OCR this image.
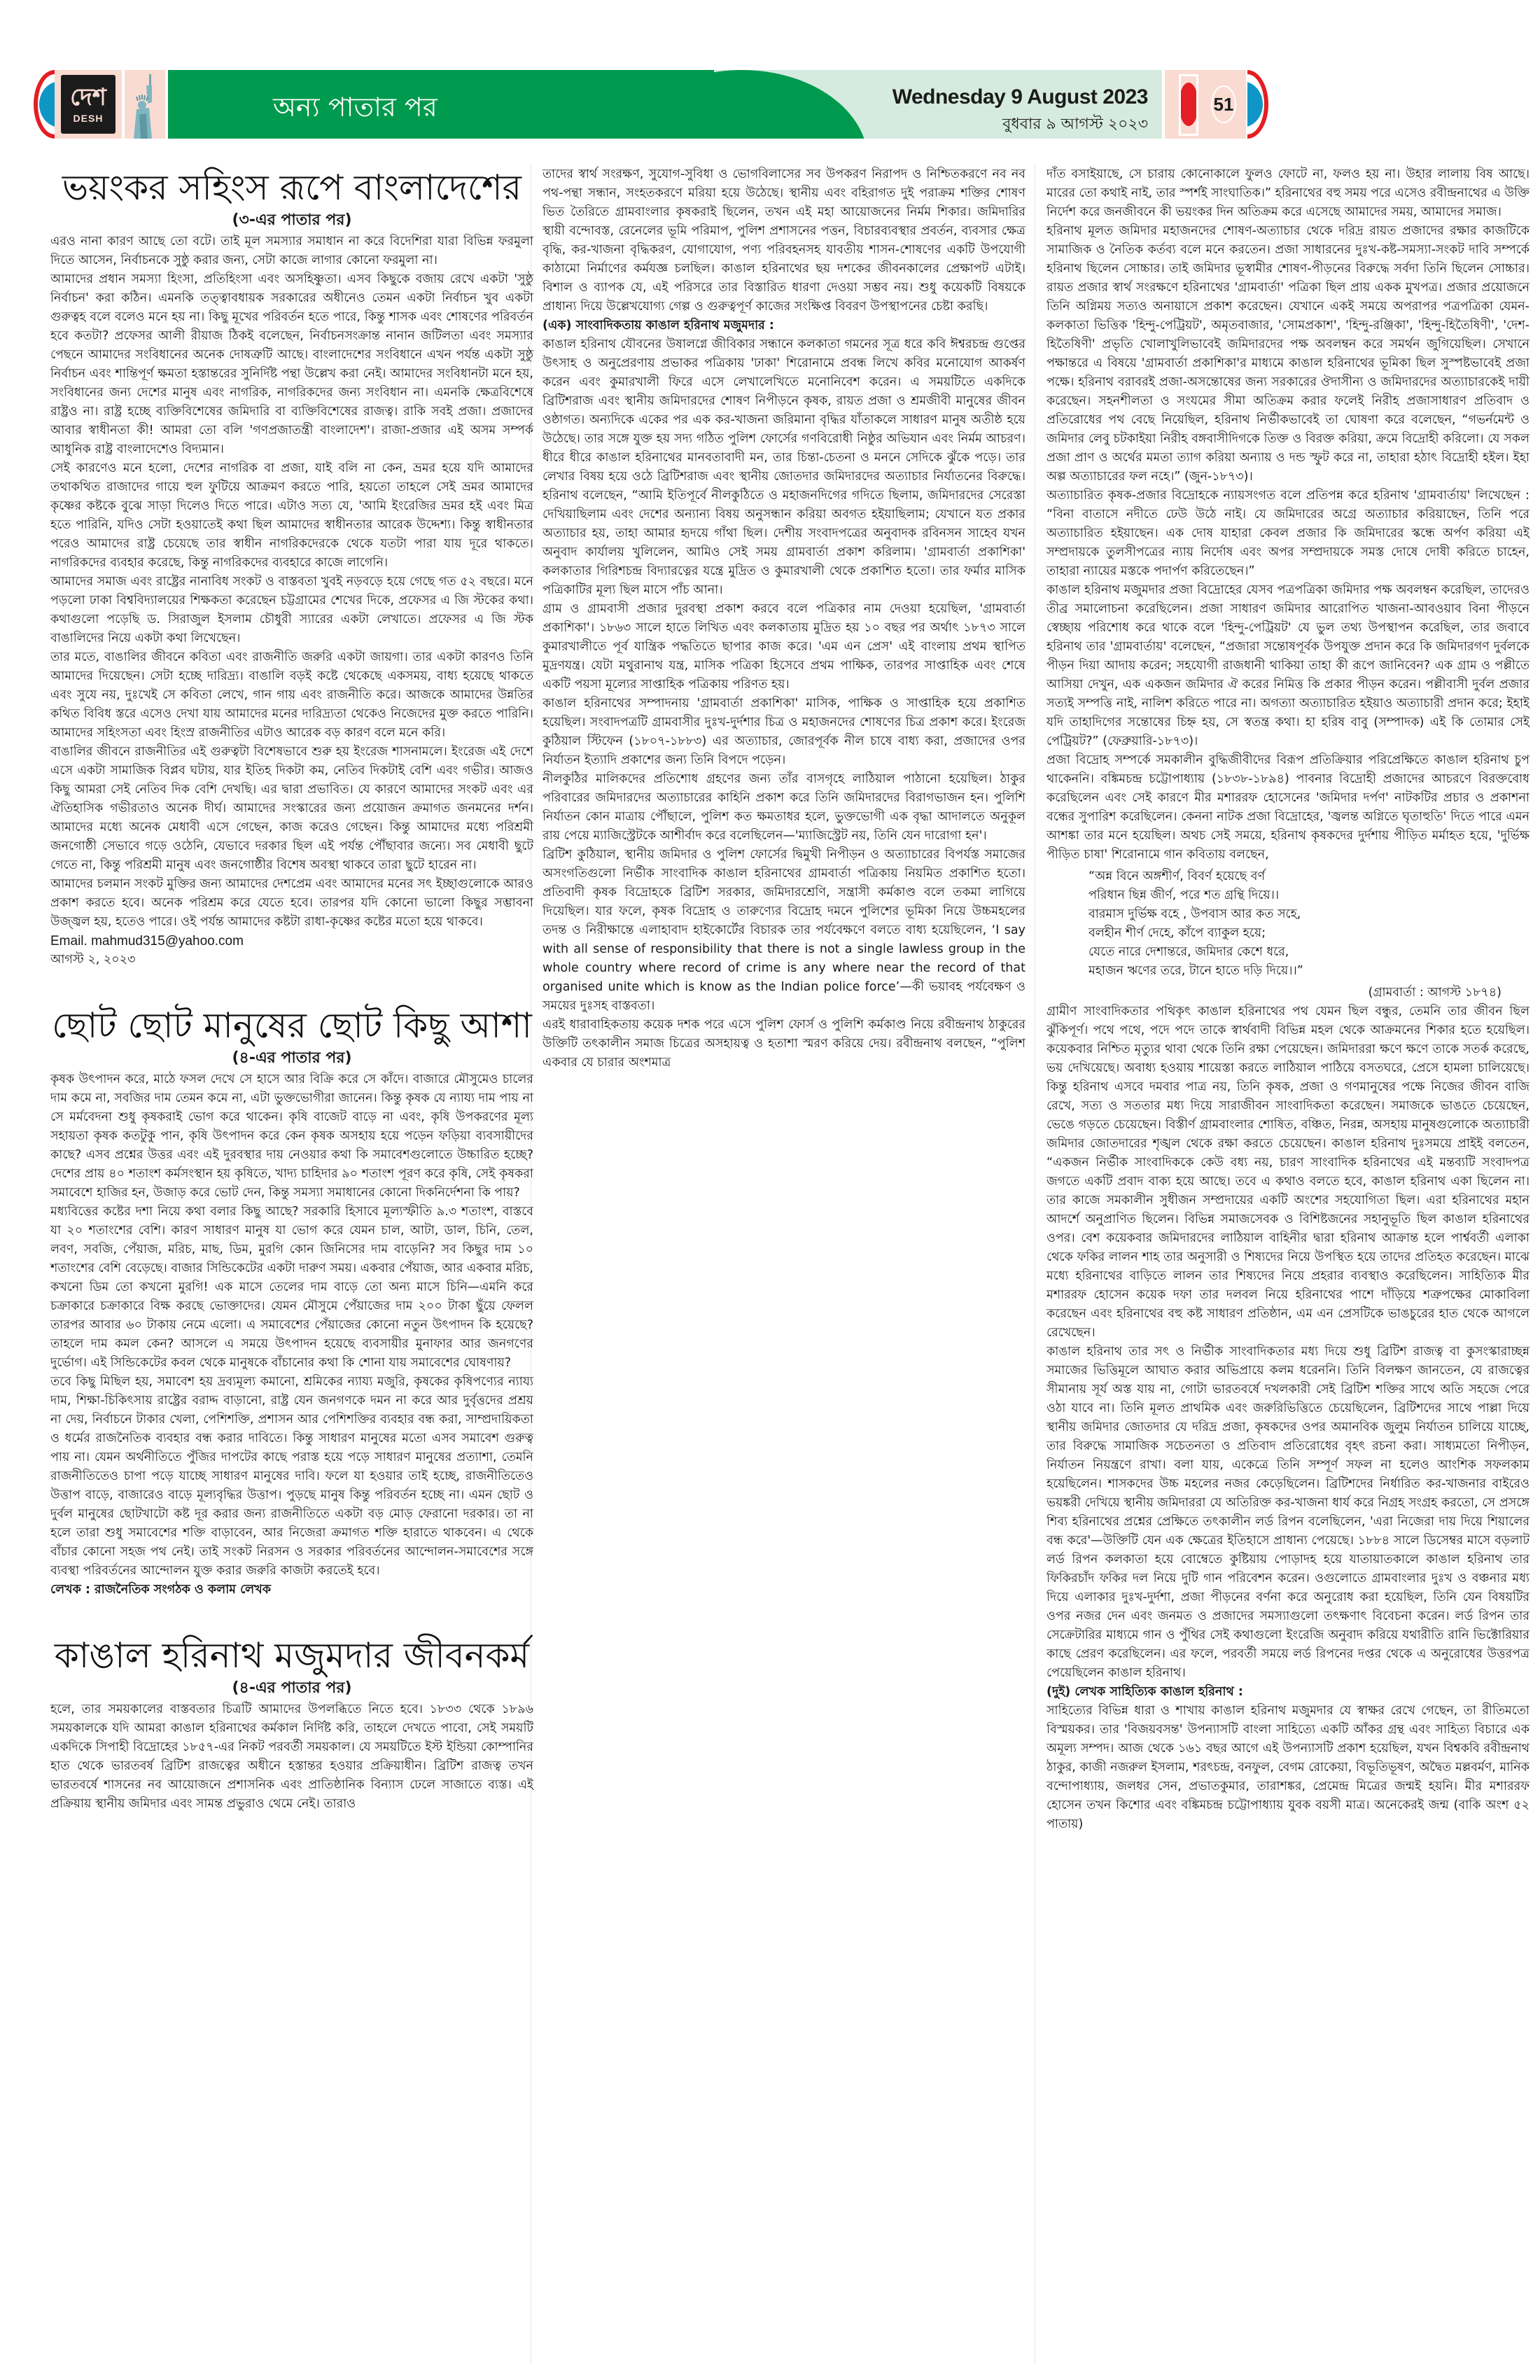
দেশ
DESH	অন্য পাতার পর	Wednesday 9 August 2023
বুধবার ৯ আগস্ট ২০২৩
51
ভয়ংকর সহিংস রূপে বাংলাদেশের
(৩-এর পাতার পর)

এরও নানা কারণ আছে তো বটে। তাই মূল সমস্যার সমাধান না করে বিদেশিরা যারা বিভিন্ন ফরমুলা দিতে আসেন, নির্বাচনকে সুষ্ঠু করার জন্য, সেটা কাজে লাগার কোনো ফরমুলা না।

আমাদের প্রধান সমস্যা হিংসা, প্রতিহিংসা এবং অসহিষ্ণুতা। এসব কিছুকে বজায় রেখে একটা 'সুষ্ঠু নির্বাচন' করা কঠিন। এমনকি তত্ত্বাবধায়ক সরকারের অধীনেও তেমন একটা নির্বাচন খুব একটা গুরুত্বহ বলে বলেও মনে হয় না। কিছু মূখের পরিবর্তন হতে পারে, কিন্তু শাসক এবং শোষণের পরিবর্তন হবে কতটা? প্রফেসর আলী রীয়াজ ঠিকই বলেছেন, নির্বাচনসংক্রান্ত নানান জটিলতা এবং সমস্যার পেছনে আমাদের সংবিধানের অনেক দোষত্রুটি আছে। বাংলাদেশের সংবিধানে এখন পর্যন্ত একটা সুষ্ঠু নির্বাচন এবং শান্তিপূর্ণ ক্ষমতা হস্তান্তরের সুনির্দিষ্ট পন্থা উল্লেখ করা নেই। আমাদের সংবিধানটা মনে হয়, সংবিধানের জন্য দেশের মানুষ এবং নাগরিক, নাগরিকদের জন্য সংবিধান না। এমনকি ক্ষেত্রবিশেষে রাষ্ট্রও না। রাষ্ট্র হচ্ছে ব্যক্তিবিশেষের জমিদারি বা ব্যক্তিবিশেষের রাজত্ব। রাকি সবই প্রজা। প্রজাদের আবার স্বাধীনতা কী! আমরা তো বলি 'গণপ্রজাতন্ত্রী বাংলাদেশ'। রাজা-প্রজার এই অসম সম্পর্ক আধুনিক রাষ্ট্র বাংলাদেশেও বিদ্যমান।

সেই কারণেও মনে হলো, দেশের নাগরিক বা প্রজা, যাই বলি না কেন, ভ্রমর হয়ে যদি আমাদের তথাকথিত রাজাদের গায়ে হুল ফুটিয়ে আক্রমণ করতে পারি, হয়তো তাহলে সেই ভ্রমর আমাদের কৃষ্ণের কষ্টকে বুঝে সাড়া দিলেও দিতে পারে। এটাও সত্য যে, 'আমি ইংরেজির ভ্রমর হই এবং মিত্র হতে পারিনি, যদিও সেটা হওয়াতেই কথা ছিল আমাদের স্বাধীনতার আরেক উদ্দেশ্য। কিন্তু স্বাধীনতার পরেও আমাদের রাষ্ট্র চেয়েছে তার স্বাধীন নাগরিকদেরকে থেকে যতটা পারা যায় দূরে থাকতে। নাগরিকদের ব্যবহার করেছে, কিন্তু নাগরিকদের ব্যবহারে কাজে লাগেনি।

আমাদের সমাজ এবং রাষ্ট্রের নানাবিধ সংকট ও বাস্তবতা খুবই নড়বড়ে হয়ে গেছে গত ৫২ বছরে। মনে পড়লো ঢাকা বিশ্ববিদ্যালয়ের শিক্ষকতা করেছেন চট্টগ্রামের শেখের দিকে, প্রফেসর এ জি স্টকের কথা। কথাগুলো পড়েছি ড. সিরাজুল ইসলাম চৌধুরী স্যারের একটা লেখাতে। প্রফেসর এ জি স্টক বাঙালিদের নিয়ে একটা কথা লিখেছেন।

তার মতে, বাঙালির জীবনে কবিতা এবং রাজনীতি জরুরি একটা জায়গা। তার একটা কারণও তিনি আমাদের দিয়েছেন। সেটা হচ্ছে দারিদ্র্য। বাঙালি বড়ই কষ্টে থেকেছে একসময়, বাধ্য হয়েছে থাকতে এবং সুযে নয়, দুঃখেই সে কবিতা লেখে, গান গায় এবং রাজনীতি করে। আজকে আমাদের উন্নতির কথিত বিবিধ স্তরে এসেও দেখা যায় আমাদের মনের দারিদ্র্যতা থেকেও নিজেদের মুক্ত করতে পারিনি। আমাদের সহিংসতা এবং হিংস্র রাজনীতির এটাও আরেক বড় কারণ বলে মনে করি।

বাঙালির জীবনে রাজনীতির এই গুরুত্বটা বিশেষভাবে শুরু হয় ইংরেজ শাসনামলে। ইংরেজ এই দেশে এসে একটা সামাজিক বিপ্লব ঘটায়, যার ইতিহ দিকটা কম, নেতিব দিকটাই বেশি এবং গভীর। আজও কিছু আমরা সেই নেতিব দিক বেশি দেখছি। এর দ্বারা প্রভাবিত। যে কারণে আমাদের সংকট এবং এর ঐতিহাসিক গভীরতাও অনেক দীর্ঘ। আমাদের সংস্কারের জন্য প্রয়োজন ক্রমাগত জনমনের দর্শন। আমাদের মধ্যে অনেক মেধাবী এসে গেছেন, কাজ করেও গেছেন। কিন্তু আমাদের মধ্যে পরিশ্রমী জনগোষ্ঠী সেভাবে গড়ে ওঠেনি, যেভাবে দরকার ছিল এই পর্যন্ত পৌঁছাবার জন্যে। সব মেধাবী ছুটে গেতে না, কিন্তু পরিশ্রমী মানুষ এবং জনগোষ্ঠীর বিশেষ অবস্থা থাকবে তারা ছুটে হারেন না।

আমাদের চলমান সংকট মুক্তির জন্য আমাদের দেশপ্রেম এবং আমাদের মনের সৎ ইচ্ছাগুলোকে আরও প্রকাশ করতে হবে। অনেক পরিশ্রম করে যেতে হবে। তারপর যদি কোনো ভালো কিছুর সম্ভাবনা উজ্জ্বল হয়, হতেও পারে। ওই পর্যন্ত আমাদের কষ্টটা রাধা-কৃষ্ণের কষ্টের মতো হয়ে থাকবে।

Email. mahmud315@yahoo.com
আগস্ট ২, ২০২৩
ছোট ছোট মানুষের ছোট কিছু আশা
(৪-এর পাতার পর)

কৃষক উৎপাদন করে, মাঠে ফসল দেখে সে হাসে আর বিক্রি করে সে কাঁদে। বাজারে মৌসুমেও চালের দাম কমে না, সবজির দাম তেমন কমে না, এটা ভুক্তভোগীরা জানেন। কিন্তু কৃষক যে ন্যায্য দাম পায় না সে মর্মবেদনা শুধু কৃষকরাই ভোগ করে থাকেন। কৃষি বাজেট বাড়ে না এবং, কৃষি উপকরণের মূল্য সহায়তা কৃষক কতটুকু পান, কৃষি উৎপাদন করে কেন কৃষক অসহায় হয়ে পড়েন ফড়িয়া ব্যবসায়ীদের কাছে? এসব প্রশ্নের উত্তর এবং এই দুরবস্থার দায় নেওয়ার কথা কি সমাবেশগুলোতে উচ্চারিত হচ্ছে? দেশের প্রায় ৪০ শতাংশ কর্মসংস্থান হয় কৃষিতে, খাদ্য চাহিদার ৯০ শতাংশ পূরণ করে কৃষি, সেই কৃষকরা সমাবেশে হাজির হন, উজাড় করে ভোট দেন, কিন্তু সমস্যা সমাধানের কোনো দিকনির্দেশনা কি পায়?

মধ্যবিত্তের কষ্টের দশা নিয়ে কথা বলার কিছু আছে? সরকারি হিসাবে মূল্যস্ফীতি ৯.৩ শতাংশ, বাস্তবে যা ২০ শতাংশের বেশি। কারণ সাধারণ মানুষ যা ভোগ করে যেমন চাল, আটা, ডাল, চিনি, তেল, লবণ, সবজি, পেঁয়াজ, মরিচ, মাছ, ডিম, মুরগি কোন জিনিসের দাম বাড়েনি? সব কিছুর দাম ১০ শতাংশের বেশি বেড়েছে। বাজার সিন্ডিকেটের একটা দারুণ সময়। একবার পেঁয়াজ, আর একবার মরিচ, কখনো ডিম তো কখনো মুরগি! এক মাসে তেলের দাম বাড়ে তো অন্য মাসে চিনি—এমনি করে চক্রাকারে চক্রাকারে বিক্ষ করছে ভোক্তাদের। যেমন মৌসুমে পেঁয়াজের দাম ২০০ টাকা ছুঁয়ে ফেলল তারপর আবার ৬০ টাকায় নেমে এলো। এ সমাবেশের পেঁয়াজের কোনো নতুন উৎপাদন কি হয়েছে? তাহলে দাম কমল কেন? আসলে এ সময়ে উৎপাদন হয়েছে ব্যবসায়ীর মুনাফার আর জনগণের দুর্ভোগ। এই সিন্ডিকেটের কবল থেকে মানুষকে বাঁচানোর কথা কি শোনা যায় সমাবেশের ঘোষণায়?

তবে কিছু মিছিল হয়, সমাবেশ হয় দ্রব্যমূল্য কমানো, শ্রমিকের ন্যায্য মজুরি, কৃষকের কৃষিপণ্যের ন্যায্য দাম, শিক্ষা-চিকিৎসায় রাষ্ট্রের বরাদ্দ বাড়ানো, রাষ্ট্র যেন জনগণকে দমন না করে আর দুর্বৃত্তদের প্রশ্রয় না দেয়, নির্বাচনে টাকার খেলা, পেশিশক্তি, প্রশাসন আর পেশিশক্তির ব্যবহার বন্ধ করা, সাম্প্রদায়িকতা ও ধর্মের রাজনৈতিক ব্যবহার বন্ধ করার দাবিতে। কিন্তু সাধারণ মানুষের মতো এসব সমাবেশ গুরুত্ব পায় না। যেমন অর্থনীতিতে পুঁজির দাপটের কাছে পরাস্ত হয়ে পড়ে সাধারণ মানুষের প্রত্যাশা, তেমনি রাজনীতিতেও চাপা পড়ে যাচ্ছে সাধারণ মানুষের দাবি। ফলে যা হওয়ার তাই হচ্ছে, রাজনীতিতেও উত্তাপ বাড়ে, বাজারেও বাড়ে মূল্যবৃদ্ধির উত্তাপ। পুড়ছে মানুষ কিন্তু পরিবর্তন হচ্ছে না। এমন ছোট ও দুর্বল মানুষের ছোটখাটো কষ্ট দূর করার জন্য রাজনীতিতে একটা বড় মোড় ফেরানো দরকার। তা না হলে তারা শুধু সমাবেশের শক্তি বাড়াবেন, আর নিজেরা ক্রমাগত শক্তি হারাতে থাকবেন। এ থেকে বাঁচার কোনো সহজ পথ নেই। তাই সংকট নিরসন ও সরকার পরিবর্তনের আন্দোলন-সমাবেশের সঙ্গে ব্যবস্থা পরিবর্তনের আন্দোলন যুক্ত করার জরুরি কাজটা করতেই হবে।

লেখক : রাজনৈতিক সংগঠক ও কলাম লেখক
কাঙাল হরিনাথ মজুমদার জীবনকর্ম
(৪-এর পাতার পর)

হলে, তার সময়কালের বাস্তবতার চিত্রটি আমাদের উপলব্ধিতে নিতে হবে। ১৮৩৩ থেকে ১৮৯৬ সময়কালকে যদি আমরা কাঙাল হরিনাথের কর্মকাল নির্দিষ্ট করি, তাহলে দেখতে পাবো, সেই সময়টি একদিকে সিপাহী বিদ্রোহের ১৮৫৭-এর নিকট পরবর্তী সময়কাল। যে সময়টিতে ইস্ট ইন্ডিয়া কোম্পানির হাত থেকে ভারতবর্ষ ব্রিটিশ রাজত্বের অধীনে হস্তান্তর হওয়ার প্রক্রিয়াধীন। ব্রিটিশ রাজত্ব তখন ভারতবর্ষে শাসনের নব আয়োজনে প্রশাসনিক এবং প্রাতিষ্ঠানিক বিন্যাস ঢেলে সাজাতে ব্যস্ত। এই প্রক্রিয়ায় স্থানীয় জমিদার এবং সামন্ত প্রভুরাও থেমে নেই। তারাও

তাদের স্বার্থ সংরক্ষণ, সুযোগ-সুবিধা ও ভোগবিলাসের সব উপকরণ নিরাপদ ও নিশ্চিতকরণে নব নব পথ-পন্থা সন্ধান, সংহতকরণে মরিয়া হয়ে উঠেছে। স্থানীয় এবং বহিরাগত দুই পরাক্রম শক্তির শোষণ ভিত তৈরিতে গ্রামবাংলার কৃষকরাই ছিলেন, তখন এই মহা আয়োজনের নির্মম শিকার। জমিদারির স্থায়ী বন্দোবস্ত, রেনেলের ভূমি পরিমাপ, পুলিশ প্রশাসনের পত্তন, বিচারব্যবস্থার প্রবর্তন, ব্যবসার ক্ষেত্র বৃদ্ধি, কর-খাজনা বৃদ্ধিকরণ, যোগাযোগ, পণ্য পরিবহনসহ যাবতীয় শাসন-শোষণের একটি উপযোগী কাঠামো নির্মাণের কর্মযজ্ঞ চলছিল। কাঙাল হরিনাথের ছয় দশকের জীবনকালের প্রেক্ষাপট এটাই। বিশাল ও ব্যাপক যে, এই পরিসরে তার বিস্তারিত ধারণা দেওয়া সম্ভব নয়। শুধু কয়েকটি বিষয়কে প্রাধান্য দিয়ে উল্লেখযোগ্য গেল্প ও গুরুত্বপূর্ণ কাজের সংক্ষিপ্ত বিবরণ উপস্থাপনের চেষ্টা করছি।

(এক) সাংবাদিকতায় কাঙাল হরিনাথ মজুমদার :

কাঙাল হরিনাথ যৌবনের উষালগ্নে জীবিকার সন্ধানে কলকাতা গমনের সূত্র ধরে কবি ঈশ্বরচন্দ্র গুপ্তের উৎসাহ ও অনুপ্রেরণায় প্রভাকর পত্রিকায় 'ঢাকা' শিরোনামে প্রবন্ধ লিখে কবির মনোযোগ আকর্ষণ করেন এবং কুমারখালী ফিরে এসে লেখালেখিতে মনোনিবেশ করেন। এ সময়টিতে একদিকে ব্রিটিশরাজ এবং স্থানীয় জমিদারদের শোষণ নিপীড়নে কৃষক, রায়ত প্রজা ও শ্রমজীবী মানুষের জীবন ওষ্ঠাগত। অন্যদিকে একের পর এক কর-খাজনা জরিমানা বৃদ্ধির যাঁতাকলে সাধারণ মানুষ অতীষ্ঠ হয়ে উঠেছে। তার সঙ্গে যুক্ত হয় সদ্য গঠিত পুলিশ ফোর্সের গণবিরোধী নিষ্ঠুর অভিযান এবং নির্মম আচরণ। ধীরে ধীরে কাঙাল হরিনাথের মানবতাবাদী মন, তার চিন্তা-চেতনা ও মননে সেদিকে ঝুঁকে পড়ে। তার লেখার বিষয় হয়ে ওঠে ব্রিটিশরাজ এবং স্থানীয় জোতদার জমিদারদের অত্যাচার নির্যাতনের বিরুদ্ধে। হরিনাথ বলেছেন, “আমি ইতিপূর্বে নীলকুঠিতে ও মহাজনদিগের গদিতে ছিলাম, জমিদারদের সেরেস্তা দেখিয়াছিলাম এবং দেশের অন্যান্য বিষয় অনুসন্ধান করিয়া অবগত হইয়াছিলাম; যেখানে যত প্রকার অত্যাচার হয়, তাহা আমার হৃদয়ে গাঁথা ছিল। দেশীয় সংবাদপত্রের অনুবাদক রবিনসন সাহেব যখন অনুবাদ কার্যালয় খুলিলেন, আমিও সেই সময় গ্রামবার্তা প্রকাশ করিলাম। 'গ্রামবার্তা প্রকাশিকা' কলকাতার গিরিশচন্দ্র বিদ্যারত্নের যন্ত্রে মুদ্রিত ও কুমারখালী থেকে প্রকাশিত হতো। তার ফর্মার মাসিক পত্রিকাটির মূল্য ছিল মাসে পাঁচ আনা।

গ্রাম ও গ্রামবাসী প্রজার দুরবস্থা প্রকাশ করবে বলে পত্রিকার নাম দেওয়া হয়েছিল, 'গ্রামবার্তা প্রকাশিকা'। ১৮৬৩ সালে হাতে লিখিত এবং কলকাতায় মুদ্রিত হয় ১০ বছর পর অর্থাৎ ১৮৭৩ সালে কুমারখালীতে পূর্ব যান্ত্রিক পদ্ধতিতে ছাপার কাজ করে। 'এম এন প্রেস' এই বাংলায় প্রথম স্থাপিত মুদ্রণযন্ত্র। যেটা মথুরানাথ যন্ত্র, মাসিক পত্রিকা হিসেবে প্রথম পাক্ষিক, তারপর সাপ্তাহিক এবং শেষে একটি পয়সা মূল্যের সাপ্তাহিক পত্রিকায় পরিণত হয়।

কাঙাল হরিনাথের সম্পাদনায় 'গ্রামবার্তা প্রকাশিকা' মাসিক, পাক্ষিক ও সাপ্তাহিক হয়ে প্রকাশিত হয়েছিল। সংবাদপত্রটি গ্রামবাসীর দুঃখ-দুর্দশার চিত্র ও মহাজনদের শোষণের চিত্র প্রকাশ করে। ইংরেজ কুঠিয়াল স্টিফেন (১৮০৭-১৮৮৩) এর অত্যাচার, জোরপূর্বক নীল চাষে বাধ্য করা, প্রজাদের ওপর নির্যাতন ইত্যাদি প্রকাশের জন্য তিনি বিপদে পড়েন।

নীলকুঠির মালিকদের প্রতিশোধ গ্রহণের জন্য তাঁর বাসগৃহে লাঠিয়াল পাঠানো হয়েছিল। ঠাকুর পরিবারের জমিদারদের অত্যাচারের কাহিনি প্রকাশ করে তিনি জমিদারদের বিরাগভাজন হন। পুলিশি নির্যাতন কোন মাত্রায় পৌঁছালে, পুলিশ কত ক্ষমতাধর হলে, ভুক্তভোগী এক বৃদ্ধা আদালতে অনুকূল রায় পেয়ে ম্যাজিস্ট্রেটকে আশীর্বাদ করে বলেছিলেন—'ম্যাজিস্ট্রেট নয়, তিনি যেন দারোগা হন'।

ব্রিটিশ কুঠিয়াল, স্থানীয় জমিদার ও পুলিশ ফোর্সের দ্বিমুখী নিপীড়ন ও অত্যাচারের বিপর্যস্ত সমাজের অসংগতিগুলো নির্ভীক সাংবাদিক কাঙাল হরিনাথের গ্রামবার্তা পত্রিকায় নিয়মিত প্রকাশিত হতো। প্রতিবাদী কৃষক বিদ্রোহকে ব্রিটিশ সরকার, জমিদারশ্রেণি, সন্ত্রাসী কর্মকাণ্ড বলে তকমা লাগিয়ে দিয়েছিল। যার ফলে, কৃষক বিদ্রোহ ও তারুণ্যের বিদ্রোহ দমনে পুলিশের ভূমিকা নিয়ে উচ্চমহলের তদন্ত ও নিরীক্ষান্তে এলাহাবাদ হাইকোর্টের বিচারক তার পর্যবেক্ষণে বলতে বাধ্য হয়েছিলেন, ‘I say with all sense of responsibility that there is not a single lawless group in the whole country where record of crime is any where near the record of that organised unite which is know as the Indian police force’—কী ভয়াবহ পর্যবেক্ষণ ও সময়ের দুঃসহ বাস্তবতা।

এরই ধারাবাহিকতায় কয়েক দশক পরে এসে পুলিশ ফোর্স ও পুলিশি কর্মকাণ্ড নিয়ে রবীন্দ্রনাথ ঠাকুরের উক্তিটি তৎকালীন সমাজ চিত্রের অসহায়ত্ব ও হতাশা স্মরণ করিয়ে দেয়। রবীন্দ্রনাথ বলছেন, “পুলিশ একবার যে চারার অংশমাত্র

দাঁত বসাইয়াছে, সে চারায় কোনোকালে ফুলও ফোটে না, ফলও হয় না। উহার লালায় বিষ আছে। মারের তো কথাই নাই, তার স্পর্শই সাংঘাতিক।” হরিনাথের বহু সময় পরে এসেও রবীন্দ্রনাথের এ উক্তি নির্দেশ করে জনজীবনে কী ভয়ংকর দিন অতিক্রম করে এসেছে আমাদের সময়, আমাদের সমাজ।

হরিনাথ মূলত জমিদার মহাজনদের শোষণ-অত্যাচার থেকে দরিদ্র রায়ত প্রজাদের রক্ষার কাজটিকে সামাজিক ও নৈতিক কর্তব্য বলে মনে করতেন। প্রজা সাধারনের দুঃখ-কষ্ট-সমস্যা-সংকট দাবি সম্পর্কে হরিনাথ ছিলেন সোচ্চার। তাই জমিদার ভূস্বামীর শোষণ-পীড়নের বিরুদ্ধে সর্বদা তিনি ছিলেন সোচ্চার। রায়ত প্রজার স্বার্থ সংরক্ষণে হরিনাথের 'গ্রামবার্তা' পত্রিকা ছিল প্রায় একক মুখপত্র। প্রজার প্রয়োজনে তিনি অগ্নিময় সত্যও অনায়াসে প্রকাশ করেছেন। যেখানে একই সময়ে অপরাপর পত্রপত্রিকা যেমন-কলকাতা ভিত্তিক 'হিন্দু-পেট্রিয়ট', অমৃতবাজার, 'সোমপ্রকাশ', 'হিন্দু-রঞ্জিকা', 'হিন্দু-হিতৈষিণী', 'দেশ-হিতৈষিণী' প্রভৃতি খোলাখুলিভাবেই জমিদারদের পক্ষ অবলম্বন করে সমর্থন জুগিয়েছিল। সেখানে পক্ষান্তরে এ বিষয়ে 'গ্রামবার্তা প্রকাশিকা'র মাধ্যমে কাঙাল হরিনাথের ভূমিকা ছিল সুস্পষ্টভাবেই প্রজা পক্ষে। হরিনাথ বরাবরই প্রজা-অসন্তোষের জন্য সরকারের ঔদাসীন্য ও জমিদারদের অত্যাচারকেই দায়ী করেছেন। সহনশীলতা ও সংযমের সীমা অতিক্রম করার ফলেই নিরীহ প্রজাসাধারণ প্রতিবাদ ও প্রতিরোধের পথ বেছে নিয়েছিল, হরিনাথ নির্ভীকভাবেই তা ঘোষণা করে বলেছেন, “গভর্নমেন্ট ও জমিদার লেবু চটকাইয়া নিরীহ বঙ্গবাসীদিগকে তিক্ত ও বিরক্ত করিয়া, ক্রমে বিদ্রোহী করিলো। যে সকল প্রজা প্রাণ ও অর্থের মমতা ত্যাগ করিয়া অন্যায় ও দন্ড স্ফুট করে না, তাহারা হঠাৎ বিদ্রোহী হইল। ইহা অল্প অত্যাচারের ফল নহে।” (জুন-১৮৭৩)।

অত্যাচারিত কৃষক-প্রজার বিদ্রোহকে ন্যায়সংগত বলে প্রতিপন্ন করে হরিনাথ 'গ্রামবার্তায়' লিখেছেন : “বিনা বাতাসে নদীতে ঢেউ উঠে নাই। যে জমিদারের অগ্রে অত্যাচার করিয়াছেন, তিনি পরে অত্যাচারিত হইয়াছেন। এক দোষ যাহারা কেবল প্রজার কি জমিদারের স্কন্ধে অর্পণ করিয়া এই সম্প্রদায়কে তুলসীপত্রের ন্যায় নির্দোষ এবং অপর সম্প্রদায়কে সমস্ত দোষে দোষী করিতে চাহেন, তাহারা ন্যায়ের মস্তকে পদার্পণ করিতেছেন।”

কাঙাল হরিনাথ মজুমদার প্রজা বিদ্রোহের যেসব পত্রপত্রিকা জমিদার পক্ষ অবলম্বন করেছিল, তাদেরও তীব্র সমালোচনা করেছিলেন। প্রজা সাধারণ জমিদার আরোপিত খাজনা-আবওয়াব বিনা পীড়নে স্বেচ্ছায় পরিশোধ করে থাকে বলে 'হিন্দু-পেট্রিয়ট' যে ভুল তথ্য উপস্থাপন করেছিল, তার জবাবে হরিনাথ তার 'গ্রামবার্তায়' বলেছেন, “প্রজারা সন্তোষপূর্বক উপযুক্ত প্রদান করে কি জমিদারগণ দুর্বলকে পীড়ন দিয়া আদায় করেন; সহযোগী রাজধানী থাকিয়া তাহা কী রূপে জানিবেন? এক গ্রাম ও পল্লীতে আসিয়া দেখুন, এক একজন জমিদার ঐ করের নিমিত্ত কি প্রকার পীড়ন করেন। পল্লীবাসী দুর্বল প্রজার সত্যই সম্পত্তি নাই, নালিশ করিতে পারে না। অগত্যা অত্যাচারিত হইয়াও অত্যাচারী প্রদান করে; ইহাই যদি তাহাদিগের সন্তোষের চিহ্ন হয়, সে স্বতন্ত্র কথা। হা হরিষ বাবু (সম্পাদক) এই কি তোমার সেই পেট্রিয়ট?” (ফেব্রুয়ারি-১৮৭৩)।

প্রজা বিদ্রোহ সম্পর্কে সমকালীন বুদ্ধিজীবীদের বিরূপ প্রতিক্রিয়ার পরিপ্রেক্ষিতে কাঙাল হরিনাথ চুপ থাকেননি। বঙ্কিমচন্দ্র চট্টোপাধ্যায় (১৮৩৮-১৮৯৪) পাবনার বিদ্রোহী প্রজাদের আচরণে বিরক্তবোধ করেছিলেন এবং সেই কারণে মীর মশাররফ হোসেনের 'জমিদার দর্পণ' নাটকটির প্রচার ও প্রকাশনা বন্ধের সুপারিশ করেছিলেন। কেননা নাটক প্রজা বিদ্রোহের, 'জ্বলন্ত অগ্নিতে ঘৃতাহুতি' দিতে পারে এমন আশঙ্কা তার মনে হয়েছিল। অথচ সেই সময়ে, হরিনাথ কৃষকদের দুর্দশায় পীড়িত মর্মাহত হয়ে, 'দুর্ভিক্ষ পীড়িত চাষা' শিরোনামে গান কবিতায় বলছেন,

“অন্ন বিনে অঙ্গশীর্ণ, বিবর্ণ হয়েছে বর্ণ
পরিধান ছিন্ন জীর্ণ, পরে শত গ্রন্থি দিয়ে।।
বারমাস দুর্ভিক্ষ বহে , উপবাস আর কত সহে,
বলহীন শীর্ণ দেহে, কাঁপে ব্যাকুল হয়ে;
যেতে নারে দেশান্তরে, জমিদার কেশে ধরে,
মহাজন ঋণের তরে, টানে হাতে দড়ি দিয়ে।।”
(গ্রামবার্তা : আগস্ট ১৮৭৪)

গ্রামীণ সাংবাদিকতার পথিকৃৎ কাঙাল হরিনাথের পথ যেমন ছিল বন্ধুর, তেমনি তার জীবন ছিল ঝুঁকিপূর্ণ। পথে পথে, পদে পদে তাকে স্বার্থবাদী বিভিন্ন মহল থেকে আক্রমনের শিকার হতে হয়েছিল। কয়েকবার নিশ্চিত মৃত্যুর থাবা থেকে তিনি রক্ষা পেয়েছেন। জমিদাররা ক্ষণে ক্ষণে তাকে সতর্ক করেছে, ভয় দেখিয়েছে। অবাধ্য হওয়ায় শায়েস্তা করতে লাঠিয়াল পাঠিয়ে বসতঘরে, প্রেসে হামলা চালিয়েছে। কিন্তু হরিনাথ এসবে দমবার পাত্র নয়, তিনি কৃষক, প্রজা ও গণমানুষের পক্ষে নিজের জীবন বাজি রেখে, সত্য ও সততার মধ্য দিয়ে সারাজীবন সাংবাদিকতা করেছেন। সমাজকে ভাঙতে চেয়েছেন, ভেঙে গড়তে চেয়েছেন। বিস্তীর্ণ গ্রামবাংলার শোষিত, বঞ্চিত, নিরন্ন, অসহায় মানুষগুলোকে অত্যাচারী জমিদার জোতদারের শৃঙ্খল থেকে রক্ষা করতে চেয়েছেন। কাঙাল হরিনাথ দুঃসময়ে প্রাইই বলতেন, “একজন নির্ভীক সাংবাদিককে কেউ বধ্য নয়, চারণ সাংবাদিক হরিনাথের এই মন্তব্যটি সংবাদপত্র জগতে একটি প্রবাদ বাক্য হয়ে আছে। তবে এ কথাও বলতে হবে, কাঙাল হরিনাথ একা ছিলেন না। তার কাজে সমকালীন সুধীজন সম্প্রদায়ের একটি অংশের সহযোগিতা ছিল। এরা হরিনাথের মহান আদর্শে অনুপ্রাণিত ছিলেন। বিভিন্ন সমাজসেবক ও বিশিষ্টজনের সহানুভূতি ছিল কাঙাল হরিনাথের ওপর। বেশ কয়েকবার জমিদারদের লাঠিয়াল বাহিনীর দ্বারা হরিনাথ আক্রান্ত হলে পার্শ্ববর্তী এলাকা থেকে ফকির লালন শাহ তার অনুসারী ও শিষ্যদের নিয়ে উপস্থিত হয়ে তাদের প্রতিহত করেছেন। মাঝে মধ্যে হরিনাথের বাড়িতে লালন তার শিষ্যদের নিয়ে প্রহরার ব্যবস্থাও করেছিলেন। সাহিত্যিক মীর মশাররফ হোসেন কয়েক দফা তার দলবল নিয়ে হরিনাথের পাশে দাঁড়িয়ে শত্রুপক্ষের মোকাবিলা করেছেন এবং হরিনাথের বহু কষ্ট সাধারণ প্রতিষ্ঠান, এম এন প্রেসটিকে ভাঙচুরের হাত থেকে আগলে রেখেছেন।

কাঙাল হরিনাথ তার সৎ ও নির্ভীক সাংবাদিকতার মধ্য দিয়ে শুধু ব্রিটিশ রাজত্ব বা কুসংস্কারাচ্ছন্ন সমাজের ভিত্তিমূলে আঘাত করার অভিপ্রায়ে কলম ধরেননি। তিনি বিলক্ষণ জানতেন, যে রাজত্বের সীমানায় সূর্য অস্ত যায় না, গোটা ভারতবর্ষে দখলকারী সেই ব্রিটিশ শক্তির সাথে অতি সহজে পেরে ওঠা যাবে না। তিনি মূলত প্রাথমিক এবং জরুরিভিত্তিতে চেয়েছিলেন, ব্রিটিশদের সাথে পাল্লা দিয়ে স্থানীয় জমিদার জোতদার যে দরিদ্র প্রজা, কৃষকদের ওপর অমানবিক জুলুম নির্যাতন চালিয়ে যাচ্ছে, তার বিরুদ্ধে সামাজিক সচেতনতা ও প্রতিবাদ প্রতিরোধের বৃহৎ রচনা করা। সাধ্যমতো নিপীড়ন, নির্যাতন নিয়ন্ত্রণে রাখা। বলা যায়, একেত্রে তিনি সম্পূর্ণ সফল না হলেও আংশিক সফলকাম হয়েছিলেন। শাসকদের উচ্চ মহলের নজর কেড়েছিলেন। ব্রিটিশদের নির্ধারিত কর-খাজনার বাইরেও ভয়ঙ্করী দেখিয়ে স্থানীয় জমিদাররা যে অতিরিক্ত কর-খাজনা ধার্য করে নিগ্রহ সংগ্রহ করতো, সে প্রসঙ্গে শিব্য হরিনাথের প্রশ্নের প্রেক্ষিতে তৎকালীন লর্ড রিপন বলেছিলেন, 'এরা নিজেরা দায় দিয়ে শিয়ালের বন্ধ করে'—উক্তিটি যেন এক ক্ষেত্রের ইতিহাসে প্রাধান্য পেয়েছে। ১৮৮৪ সালে ডিসেম্বর মাসে বড়লাট লর্ড রিপন কলকাতা হয়ে বোম্বেতে কুষ্টিয়ায় পোড়াদহ হয়ে যাতায়াতকালে কাঙাল হরিনাথ তার ফিকিরচাঁদ ফকির দল নিয়ে দুটি গান পরিবেশন করেন। ওগুলোতে গ্রামবাংলার দুঃখ ও বঞ্চনার মধ্য দিয়ে এলাকার দুঃখ-দুর্দশা, প্রজা পীড়নের বর্ণনা করে অনুরোধ করা হয়েছিল, তিনি যেন বিষয়টির ওপর নজর দেন এবং জনমত ও প্রজাদের সমস্যাগুলো তৎক্ষণাৎ বিবেচনা করেন। লর্ড রিপন তার সেক্রেটারির মাধ্যমে গান ও পুঁথির সেই কথাগুলো ইংরেজি অনুবাদ করিয়ে যথারীতি রানি ভিক্টোরিয়ার কাছে প্রেরণ করেছিলেন। এর ফলে, পরবর্তী সময়ে লর্ড রিপনের দপ্তর থেকে এ অনুরোধের উত্তরপত্র পেয়েছিলেন কাঙাল হরিনাথ।

(দুই) লেখক সাহিত্যিক কাঙাল হরিনাথ :

সাহিত্যের বিভিন্ন ধারা ও শাখায় কাঙাল হরিনাথ মজুমদার যে স্বাক্ষর রেখে গেছেন, তা রীতিমতো বিস্ময়কর। তার 'বিজয়বসন্ত' উপন্যাসটি বাংলা সাহিত্যে একটি আঁকর গ্রন্থ এবং সাহিত্য বিচারে এক অমূল্য সম্পদ। আজ থেকে ১৬১ বছর আগে এই উপন্যাসটি প্রকাশ হয়েছিল, যখন বিশ্বকবি রবীন্দ্রনাথ ঠাকুর, কাজী নজরুল ইসলাম, শরৎচন্দ্র, বনফুল, বেগম রোকেয়া, বিভূতিভূষণ, অদ্বৈত মল্লবর্মণ, মানিক বন্দোপাধ্যায়, জলধর সেন, প্রভাতকুমার, তারাশঙ্কর, প্রেমেন্দ্র মিত্রের জন্মই হয়নি। মীর মশাররফ হোসেন তখন কিশোর এবং বঙ্কিমচন্দ্র চট্টোপাধ্যায় যুবক বয়সী মাত্র। অনেকেরই জন্ম (বাকি অংশ ৫২ পাতায়)
